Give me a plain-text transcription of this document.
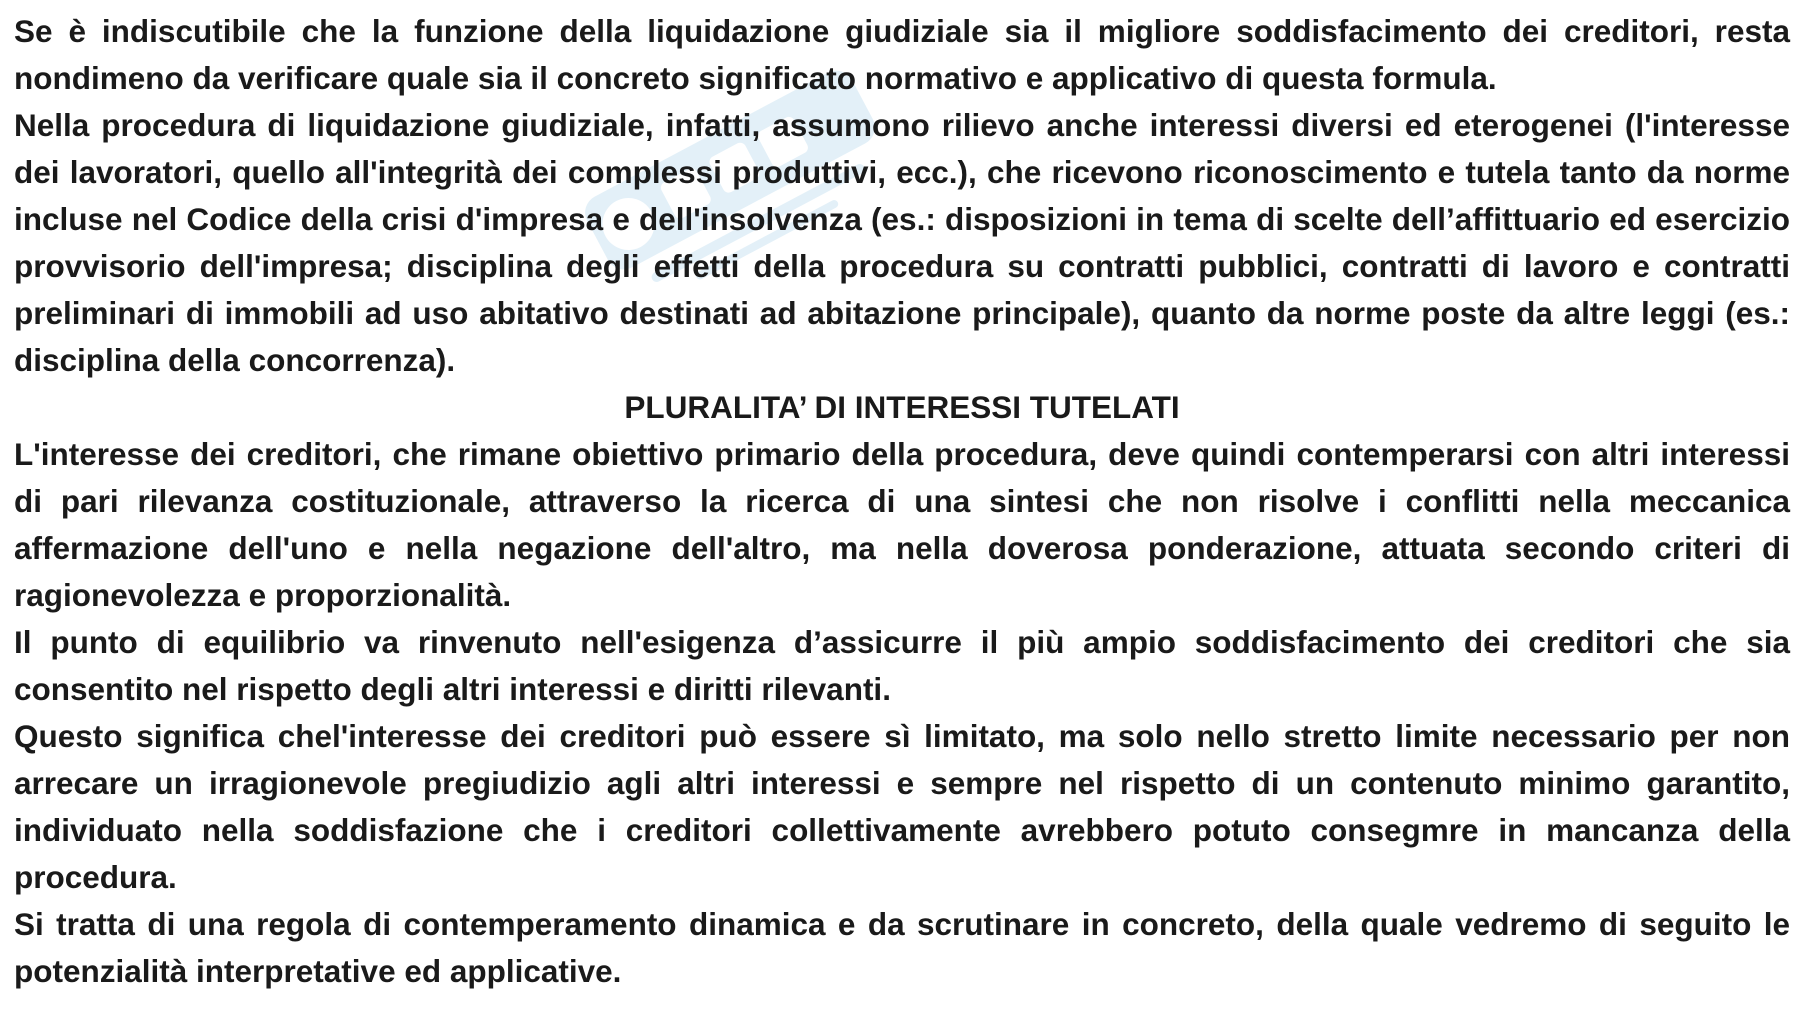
Se è indiscutibile che la funzione della liquidazione giudiziale sia il migliore soddisfacimento dei creditori, resta nondimeno da verificare quale sia il concreto significato normativo e applicativo di questa formula.

Nella procedura di liquidazione giudiziale, infatti, assumono rilievo anche interessi diversi ed eterogenei (l'interesse dei lavoratori, quello all'integrità dei complessi produttivi, ecc.), che ricevono riconoscimento e tutela tanto da norme incluse nel Codice della crisi d'impresa e dell'insolvenza (es.: disposizioni in tema di scelte dell’affittuario ed esercizio provvisorio dell'impresa; disciplina degli effetti della procedura su contratti pubblici, contratti di lavoro e contratti preliminari di immobili ad uso abitativo destinati ad abitazione principale), quanto da norme poste da altre leggi (es.: disciplina della concorrenza).

PLURALITA’ DI INTERESSI TUTELATI

L'interesse dei creditori, che rimane obiettivo primario della procedura, deve quindi contemperarsi con altri interessi di pari rilevanza costituzionale, attraverso la ricerca di una sintesi che non risolve i conflitti nella meccanica affermazione dell'uno e nella negazione dell'altro, ma nella doverosa ponderazione, attuata secondo criteri di ragionevolezza e proporzionalità.

Il punto di equilibrio va rinvenuto nell'esigenza d’assicurre il più ampio soddisfacimento dei creditori che sia consentito nel rispetto degli altri interessi e diritti rilevanti.

Questo significa chel'interesse dei creditori può essere sì limitato, ma solo nello stretto limite necessario per non arrecare un irragionevole pregiudizio agli altri interessi e sempre nel rispetto di un contenuto minimo garantito, individuato nella soddisfazione che i creditori collettivamente avrebbero potuto consegmre in mancanza della procedura.

Si tratta di una regola di contemperamento dinamica e da scrutinare in concreto, della quale vedremo di seguito le potenzialità interpretative ed applicative.
